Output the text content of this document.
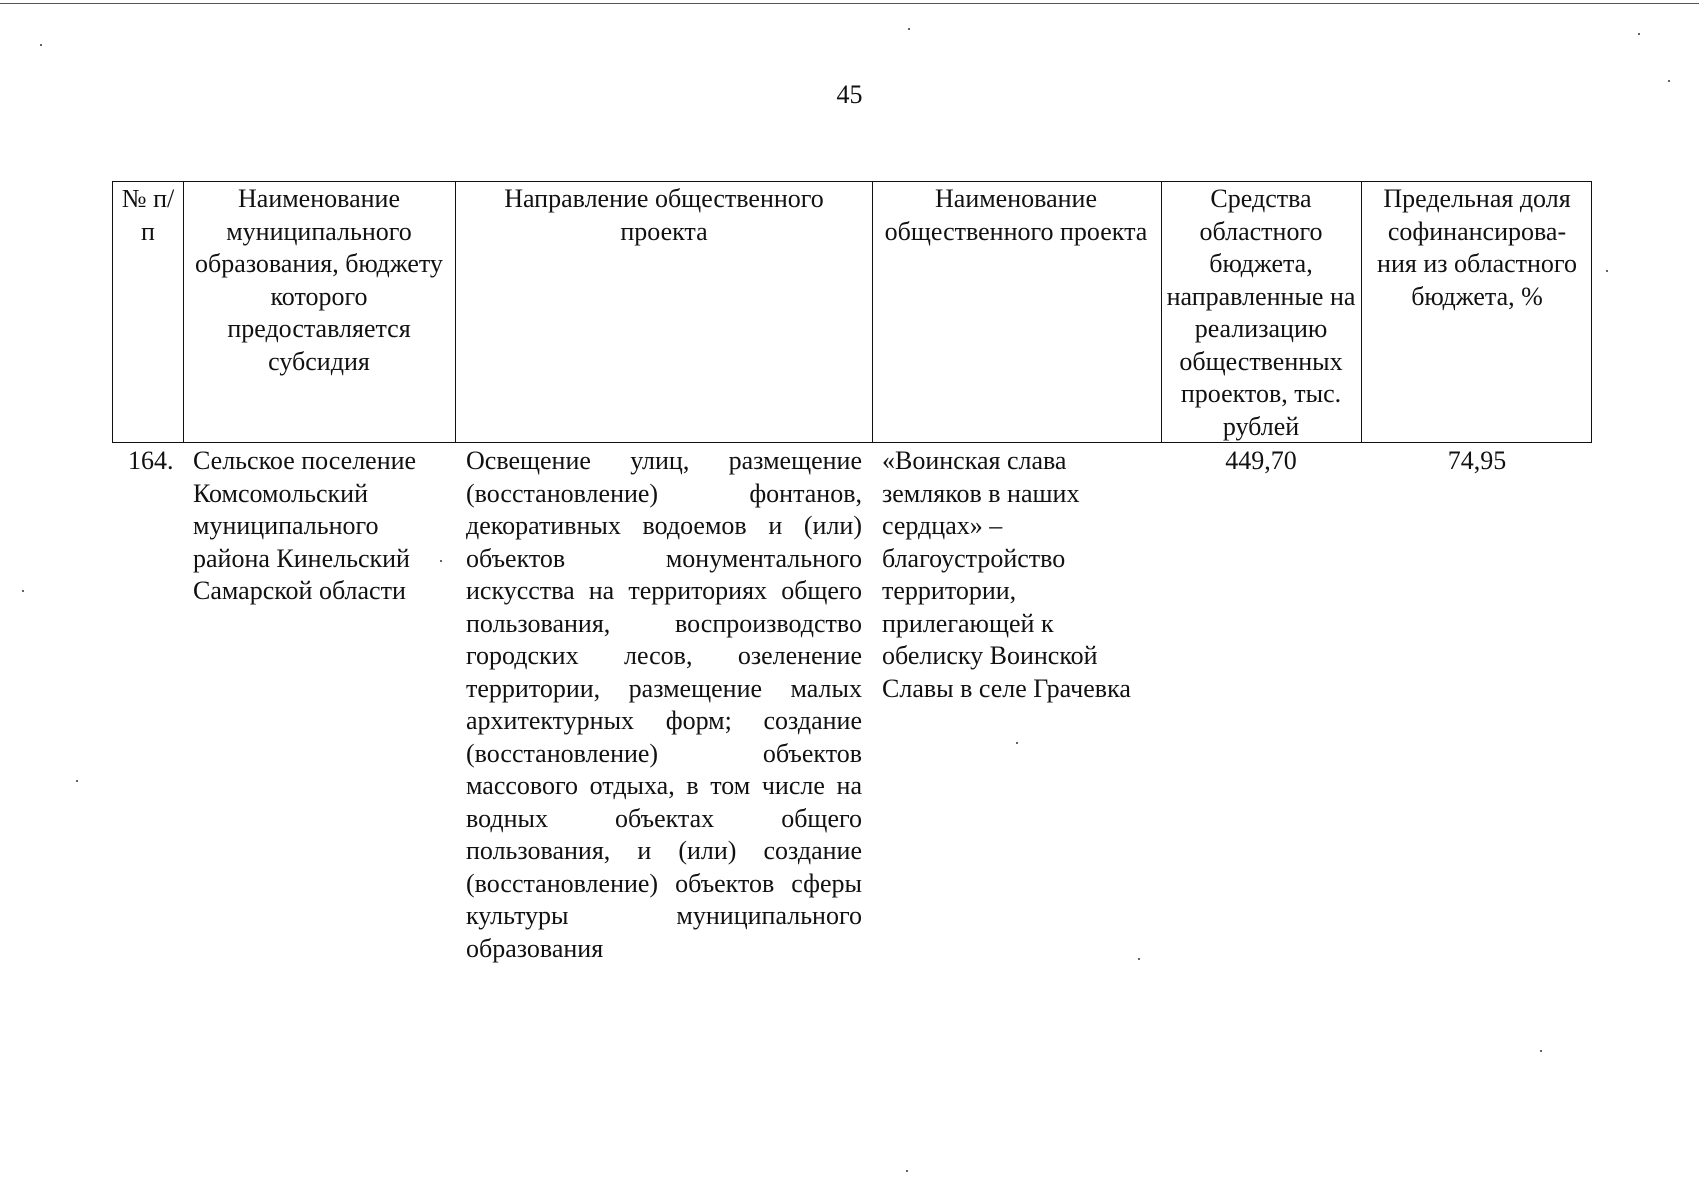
45
№ п/п
Наименование муниципального образования, бюджету которого предоставляется субсидия
Направление общественного проекта
Наименование общественного проекта
Средства областного бюджета, направленные на реализацию общественных проектов, тыс. рублей
Предельная доля софинансирова- ния из областного бюджета, %
164. Сельское поселение Комсомольский муниципального района Кинельский Самарской области
Освещение улиц, размещение (восстановление) фонтанов, декоративных водоемов и (или) объектов монументального искусства на территориях общего пользования, воспроизводство городских лесов, озеленение территории, размещение малых архитектурных форм; создание (восстановление) объектов массового отдыха, в том числе на водных объектах общего пользования, и (или) создание (восстановление) объектов сферы культуры муниципального образования
«Воинская слава земляков в наших сердцах» – благоустройство территории, прилегающей к обелиску Воинской Славы в селе Грачевка
449,70	74,95
